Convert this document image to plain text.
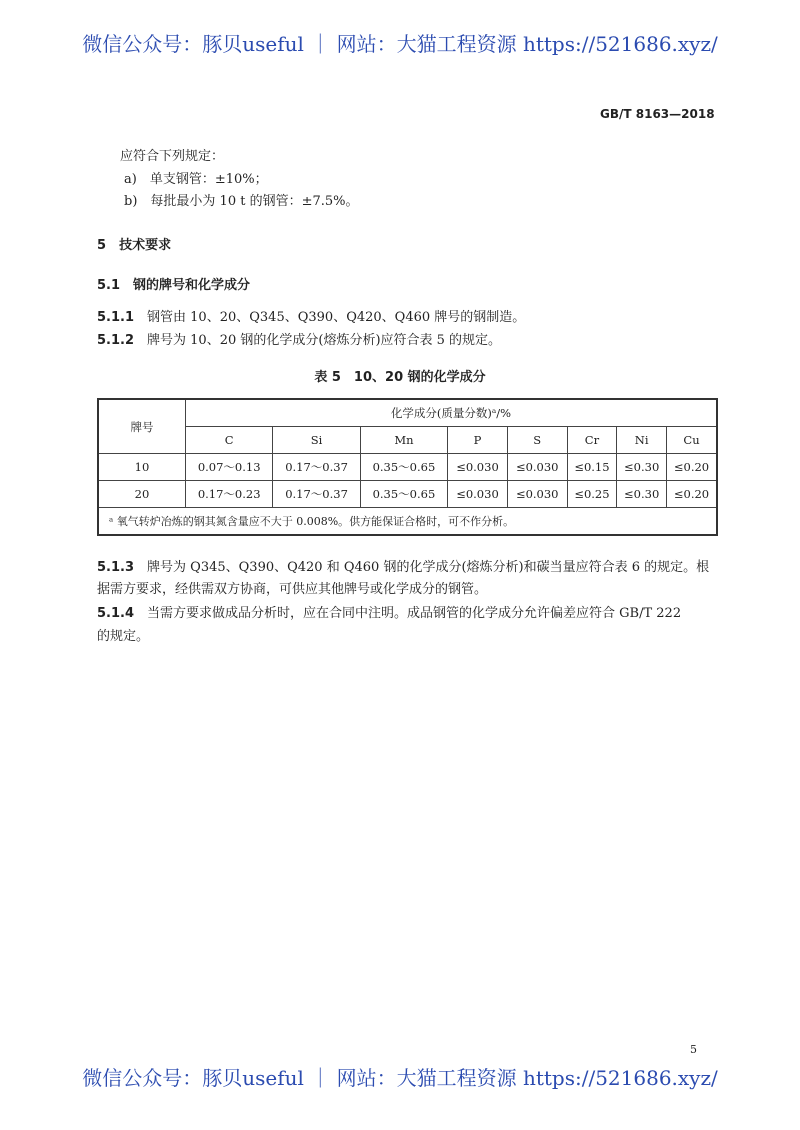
微信公众号：豚贝useful ｜ 网站：大猫工程资源 https://521686.xyz/
GB/T 8163—2018
应符合下列规定：
a)　 单支钢管：±10%；
b)　 每批最小为 10 t 的钢管：±7.5%。
5　 技术要求
5.1　 钢的牌号和化学成分
5.1.1　 钢管由 10、20、Q345、Q390、Q420、Q460 牌号的钢制造。
5.1.2　 牌号为 10、20 钢的化学成分(熔炼分析)应符合表 5 的规定。
表 5　10、20 钢的化学成分
牌号	化学成分(质量分数)ᵃ/%							
	C	Si	Mn	P	S	Cr	Ni	Cu
10	0.07～0.13	0.17～0.37	0.35～0.65	≤0.030	≤0.030	≤0.15	≤0.30	≤0.20
20	0.17～0.23	0.17～0.37	0.35～0.65	≤0.030	≤0.030	≤0.25	≤0.30	≤0.20
ᵃ 氧气转炉冶炼的钢其氮含量应不大于 0.008%。供方能保证合格时，可不作分析。								
5.1.3　 牌号为 Q345、Q390、Q420 和 Q460 钢的化学成分(熔炼分析)和碳当量应符合表 6 的规定。根
据需方要求，经供需双方协商，可供应其他牌号或化学成分的钢管。
5.1.4　 当需方要求做成品分析时，应在合同中注明。成品钢管的化学成分允许偏差应符合 GB/T 222
的规定。
5
微信公众号：豚贝useful ｜ 网站：大猫工程资源 https://521686.xyz/
